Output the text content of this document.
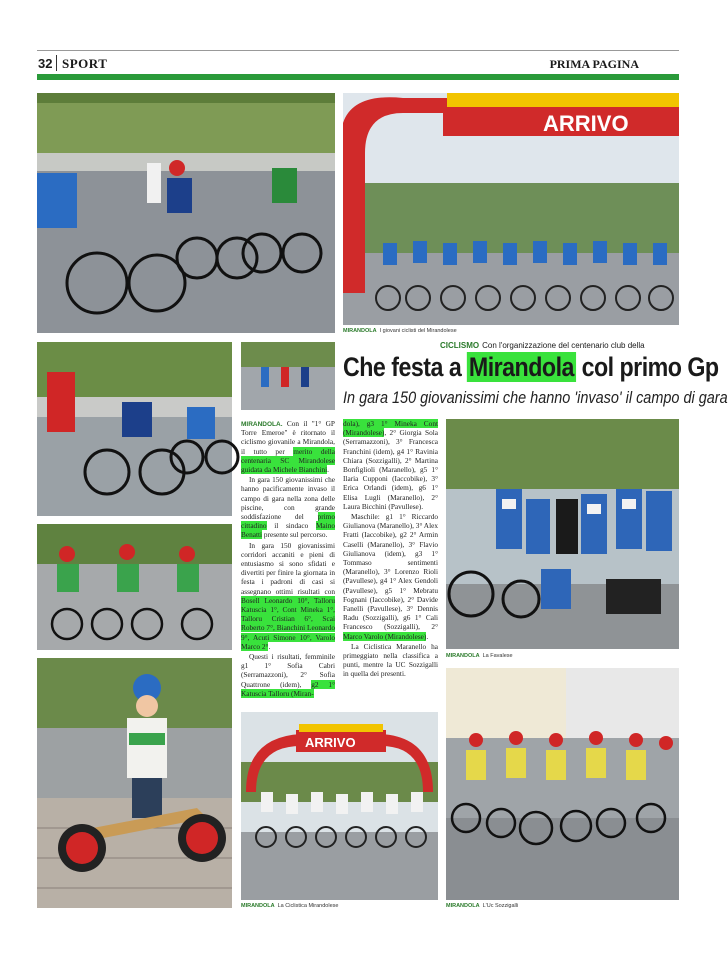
32 SPORT	PRIMA PAGINA
ARRIVO
MIRANDOLA I giovani ciclisti del Mirandolese
MIRANDOLA La Favalese
ARRIVO
MIRANDOLA La Ciclistica Mirandolese	MIRANDOLA L'Uc Sozzigalli
CICLISMO Con l'organizzazione del centenario club della
Che festa a Mirandola col primo Gp
In gara 150 giovanissimi che hanno 'invaso' il campo di gara

MIRANDOLA. Con il "1° GP Torre Emeroe" è ritornato il ciclismo giovanile a Mirandola, il tutto per merito della centenaria SC Mirandolese guidata da Michele Bianchini.

In gara 150 giovanissimi che hanno pacificamente invaso il campo di gara nella zona delle piscine, con grande soddisfazione del primo cittadino il sindaco Maino Benatti presente sul percorso.

In gara 150 giovanissimi corridori accaniti e pieni di entusiasmo si sono sfidati e divertiti per finire la giornata in festa i padroni di casi si assegnano ottimi risultati con Bosell Leonardo 10°, Talloru Katuscia 1°, Cont Mineka 1°, Talloru Cristian 6°, Scai Roberto 7°, Bianchini Leonardo 9°, Acuti Simone 10°, Varolo Marco 2°.

Questi i risultati, femminile g1 1° Sofia Cabri (Serramazzoni), 2° Sofia Quattrone (idem), g2 1° Katuscia Talloru (Miran-

dola), g3 1° Mineka Cont (Mirandolese), 2° Giorgia Sola (Serramazzoni), 3° Francesca Franchini (idem), g4 1° Ravinia Chiara (Sozzigalli), 2° Martina Bonfiglioli (Maranello), g5 1° Ilaria Cupponi (Iaccobike), 3° Erica Orlandi (idem), g6 1° Elisa Lugli (Maranello), 2° Laura Bicchini (Pavullese).

Maschile: g1 1° Riccardo Giulianova (Maranello), 3° Alex Fratti (Iaccobike), g2 2° Armin Caselli (Maranello), 3° Flavio Giulianova (idem), g3 1° Tommaso sentimenti (Maranello), 3° Lorenzo Rioli (Pavullese), g4 1° Alex Gendoli (Pavullese), g5 1° Mebratu Fognani (Iaccobike), 2° Davide Fanelli (Pavullese), 3° Dennis Radu (Sozzigalli), g6 1° Cali Francesco (Sozzigalli), 2° Marco Varolo (Mirandolese).

La Ciclistica Maranello ha primeggiato nella classifica a punti, mentre la UC Sozzigalli in quella dei presenti.
